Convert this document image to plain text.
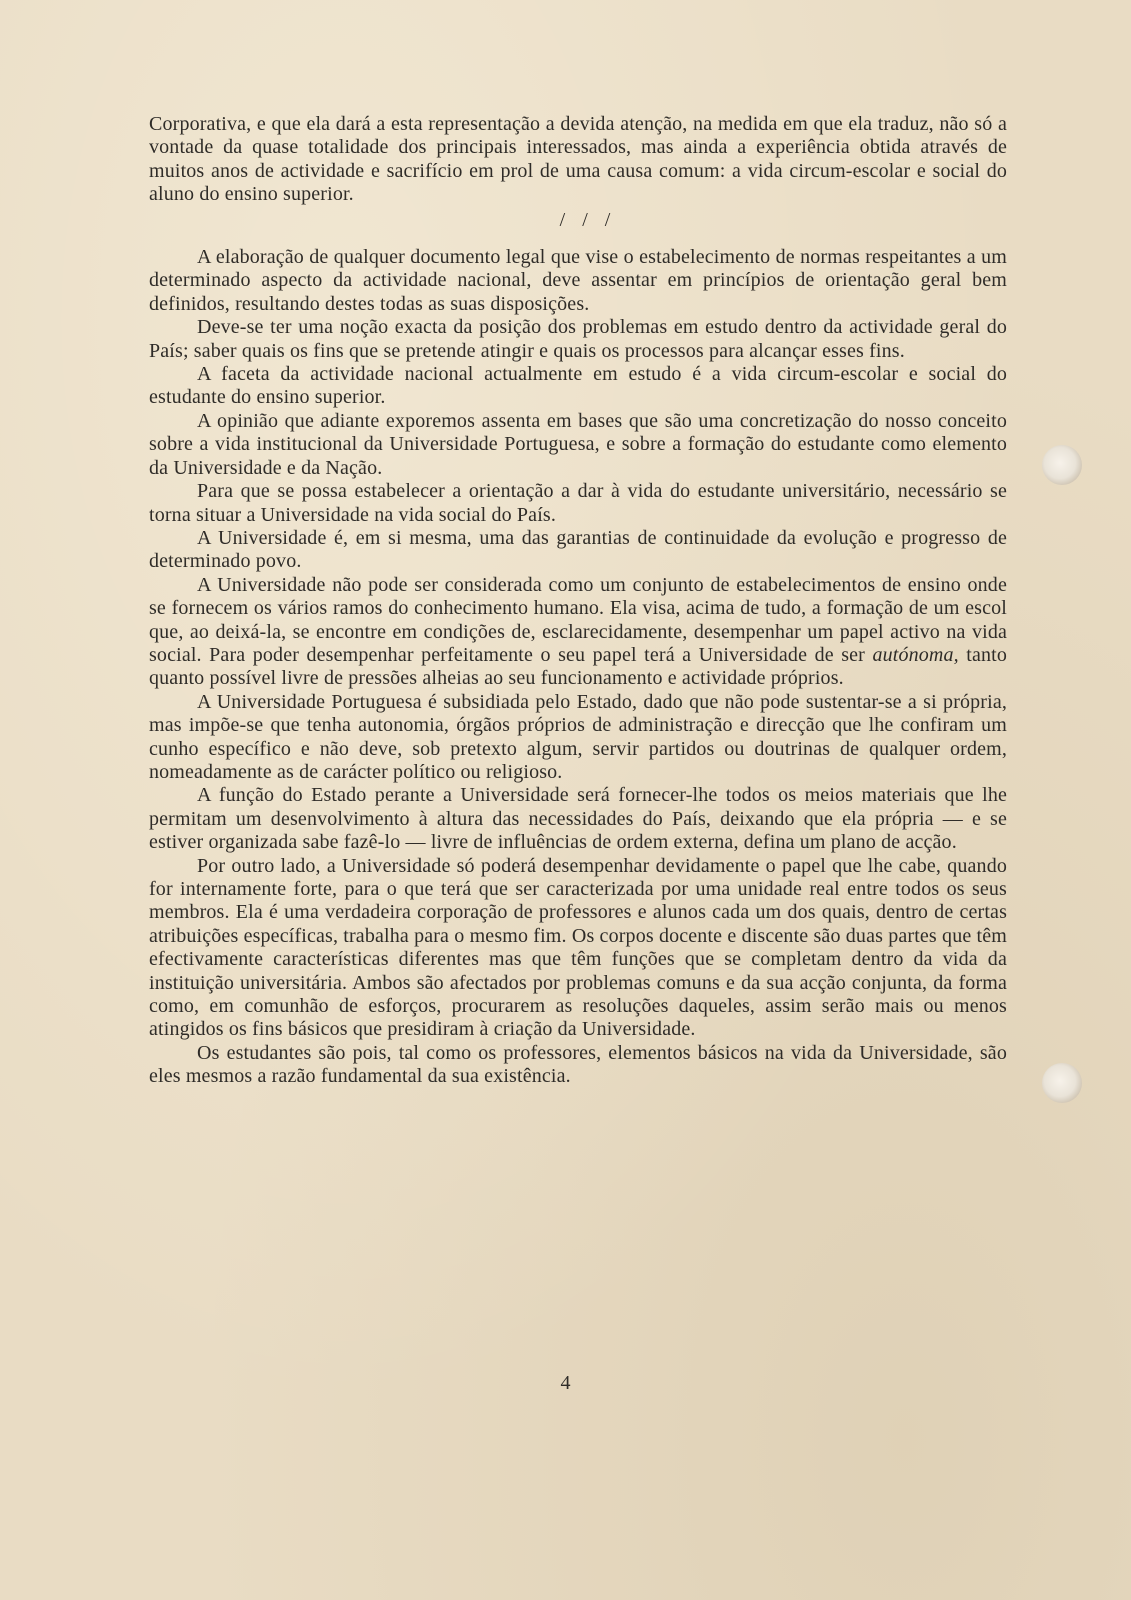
Corporativa, e que ela dará a esta representação a devida atenção, na medida em que ela traduz, não só a vontade da quase totalidade dos principais interessados, mas ainda a experiência obtida através de muitos anos de actividade e sacrifício em prol de uma causa comum: a vida circum-escolar e social do aluno do ensino superior.

/ / /

A elaboração de qualquer documento legal que vise o estabelecimento de normas respeitantes a um determinado aspecto da actividade nacional, deve assentar em princípios de orientação geral bem definidos, resultando destes todas as suas disposições.

Deve-se ter uma noção exacta da posição dos problemas em estudo dentro da actividade geral do País; saber quais os fins que se pretende atingir e quais os processos para alcançar esses fins.

A faceta da actividade nacional actualmente em estudo é a vida circum-escolar e social do estudante do ensino superior.

A opinião que adiante exporemos assenta em bases que são uma concretização do nosso conceito sobre a vida institucional da Universidade Portuguesa, e sobre a formação do estudante como elemento da Universidade e da Nação.

Para que se possa estabelecer a orientação a dar à vida do estudante universitário, necessário se torna situar a Universidade na vida social do País.

A Universidade é, em si mesma, uma das garantias de continuidade da evolução e progresso de determinado povo.

A Universidade não pode ser considerada como um conjunto de estabelecimentos de ensino onde se fornecem os vários ramos do conhecimento humano. Ela visa, acima de tudo, a formação de um escol que, ao deixá-la, se encontre em condições de, esclarecidamente, desempenhar um papel activo na vida social. Para poder desempenhar perfeitamente o seu papel terá a Universidade de ser autónoma, tanto quanto possível livre de pressões alheias ao seu funcionamento e actividade próprios.

A Universidade Portuguesa é subsidiada pelo Estado, dado que não pode sustentar-se a si própria, mas impõe-se que tenha autonomia, órgãos próprios de administração e direcção que lhe confiram um cunho específico e não deve, sob pretexto algum, servir partidos ou doutrinas de qualquer ordem, nomeadamente as de carácter político ou religioso.

A função do Estado perante a Universidade será fornecer-lhe todos os meios materiais que lhe permitam um desenvolvimento à altura das necessidades do País, deixando que ela própria — e se estiver organizada sabe fazê-lo — livre de influências de ordem externa, defina um plano de acção.

Por outro lado, a Universidade só poderá desempenhar devidamente o papel que lhe cabe, quando for internamente forte, para o que terá que ser caracterizada por uma unidade real entre todos os seus membros. Ela é uma verdadeira corporação de professores e alunos cada um dos quais, dentro de certas atribuições específicas, trabalha para o mesmo fim. Os corpos docente e discente são duas partes que têm efectivamente características diferentes mas que têm funções que se completam dentro da vida da instituição universitária. Ambos são afectados por problemas comuns e da sua acção conjunta, da forma como, em comunhão de esforços, procurarem as resoluções daqueles, assim serão mais ou menos atingidos os fins básicos que presidiram à criação da Universidade.

Os estudantes são pois, tal como os professores, elementos básicos na vida da Universidade, são eles mesmos a razão fundamental da sua existência.

4
